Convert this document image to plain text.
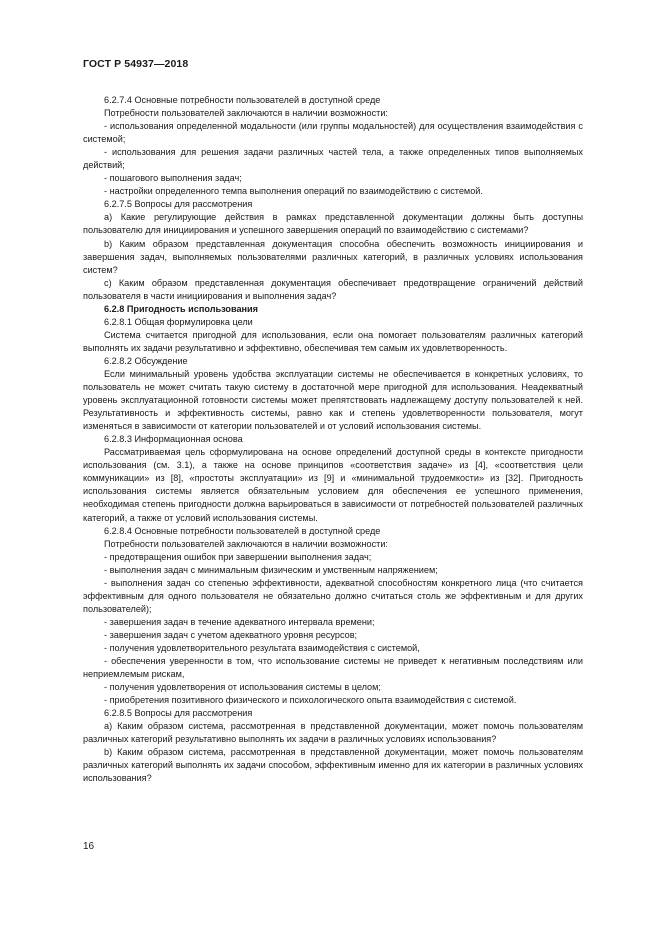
ГОСТ Р 54937—2018

6.2.7.4 Основные потребности пользователей в доступной среде

Потребности пользователей заключаются в наличии возможности:

- использования определенной модальности (или группы модальностей) для осуществления взаимодействия с системой;

- использования для решения задачи различных частей тела, а также определенных типов выполняемых действий;

- пошагового выполнения задач;

- настройки определенного темпа выполнения операций по взаимодействию с системой.

6.2.7.5 Вопросы для рассмотрения

a) Какие регулирующие действия в рамках представленной документации должны быть доступны пользователю для инициирования и успешного завершения операций по взаимодействию с системами?

b) Каким образом представленная документация способна обеспечить возможность инициирования и завершения задач, выполняемых пользователями различных категорий, в различных условиях использования систем?

c) Каким образом представленная документация обеспечивает предотвращение ограничений действий пользователя в части инициирования и выполнения задач?

6.2.8 Пригодность использования

6.2.8.1 Общая формулировка цели

Система считается пригодной для использования, если она помогает пользователям различных категорий выполнять их задачи результативно и эффективно, обеспечивая тем самым их удовлетворенность.

6.2.8.2 Обсуждение

Если минимальный уровень удобства эксплуатации системы не обеспечивается в конкретных условиях, то пользователь не может считать такую систему в достаточной мере пригодной для использования. Неадекватный уровень эксплуатационной готовности системы может препятствовать надлежащему доступу пользователей к ней. Результативность и эффективность системы, равно как и степень удовлетворенности пользователя, могут изменяться в зависимости от категории пользователей и от условий использования системы.

6.2.8.3 Информационная основа

Рассматриваемая цель сформулирована на основе определений доступной среды в контексте пригодности использования (см. 3.1), а также на основе принципов «соответствия задаче» из [4], «соответствия цели коммуникации» из [8], «простоты эксплуатации» из [9] и «минимальной трудоемкости» из [32]. Пригодность использования системы является обязательным условием для обеспечения ее успешного применения, необходимая степень пригодности должна варьироваться в зависимости от потребностей пользователей различных категорий, а также от условий использования системы.

6.2.8.4 Основные потребности пользователей в доступной среде

Потребности пользователей заключаются в наличии возможности:

- предотвращения ошибок при завершении выполнения задач;

- выполнения задач с минимальным физическим и умственным напряжением;

- выполнения задач со степенью эффективности, адекватной способностям конкретного лица (что считается эффективным для одного пользователя не обязательно должно считаться столь же эффективным и для других пользователей);

- завершения задач в течение адекватного интервала времени;

- завершения задач с учетом адекватного уровня ресурсов;

- получения удовлетворительного результата взаимодействия с системой,

- обеспечения уверенности в том, что использование системы не приведет к негативным последствиям или неприемлемым рискам,

- получения удовлетворения от использования системы в целом;

- приобретения позитивного физического и психологического опыта взаимодействия с системой.

6.2.8.5 Вопросы для рассмотрения

a) Каким образом система, рассмотренная в представленной документации, может помочь пользователям различных категорий результативно выполнять их задачи в различных условиях использования?

b) Каким образом система, рассмотренная в представленной документации, может помочь пользователям различных категорий выполнять их задачи способом, эффективным именно для их категории в различных условиях использования?

16
